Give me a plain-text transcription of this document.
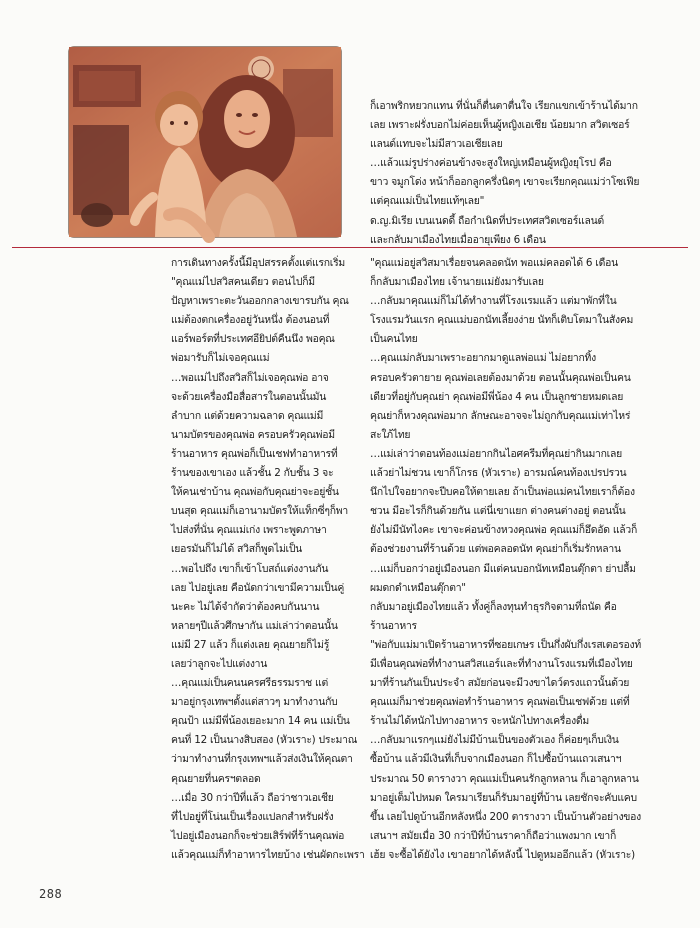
ก็เอาพริกหยวกแทน ที่นั่นก็ตื่นตาตื่นใจ เรียกแขกเข้าร้านได้มาก

เลย เพราะฝรั่งบอกไม่ค่อยเห็นผู้หญิงเอเชีย น้อยมาก สวิตเซอร์

แลนด์แทบจะไม่มีสาวเอเชียเลย

…แล้วแม่รูปร่างค่อนข้างจะสูงใหญ่เหมือนผู้หญิงยุโรป คือ

ขาว จมูกโด่ง หน้าก็ออกลูกครึ่งนิดๆ เขาจะเรียกคุณแม่ว่าโซเฟีย

แต่คุณแม่เป็นไทยแท้ๆเลย"

ด.ญ.มิเรีย เบนเนดดี้ ถือกำเนิดที่ประเทศสวิตเซอร์แลนด์

และกลับมาเมืองไทยเมื่ออายุเพียง 6 เดือน

การเดินทางครั้งนี้มีอุปสรรคตั้งแต่แรกเริ่ม

"คุณแม่ไปสวิสคนเดียว ตอนไปก็มี

ปัญหาเพราะตะวันออกกลางเขารบกัน คุณ

แม่ต้องตกเครื่องอยู่วันหนึ่ง ต้องนอนที่

แอร์พอร์ตที่ประเทศอียิปต์คืนนึง พอคุณ

พ่อมารับก็ไม่เจอคุณแม่

…พอแม่ไปถึงสวิสก็ไม่เจอคุณพ่อ อาจ

จะด้วยเครื่องมือสื่อสารในตอนนั้นมัน

ลำบาก แต่ด้วยความฉลาด คุณแม่มี

นามบัตรของคุณพ่อ ครอบครัวคุณพ่อมี

ร้านอาหาร คุณพ่อก็เป็นเชฟทำอาหารที่

ร้านของเขาเอง แล้วชั้น 2 กับชั้น 3 จะ

ให้คนเช่าบ้าน คุณพ่อกับคุณย่าจะอยู่ชั้น

บนสุด คุณแม่ก็เอานามบัตรให้แท็กซี่ๆก็พา

ไปส่งที่นั่น คุณแม่เก่ง เพราะพูดภาษา

เยอรมันก็ไม่ได้ สวิสก็พูดไม่เป็น

…พอไปถึง เขาก็เข้าโบสถ์แต่งงานกัน

เลย ไปอยู่เลย คือนัดกว่าเขามีความเป็นคู่

นะคะ ไม่ได้จำกัดว่าต้องคบกันนาน

หลายๆปีแล้วศึกษากัน แม่เล่าว่าตอนนั้น

แม่มี 27 แล้ว ก็แต่งเลย คุณยายก็ไม่รู้

เลยว่าลูกจะไปแต่งงาน

…คุณแม่เป็นคนนครศรีธรรมราช แต่

มาอยู่กรุงเทพฯตั้งแต่สาวๆ มาทำงานกับ

คุณป้า แม่มีพี่น้องเยอะมาก 14 คน แม่เป็น

คนที่ 12 เป็นนางสิบสอง (หัวเราะ) ประมาณ

ว่ามาทำงานที่กรุงเทพฯแล้วส่งเงินให้คุณตา

คุณยายที่นครฯตลอด

…เมื่อ 30 กว่าปีที่แล้ว ถือว่าชาวเอเชีย

ที่ไปอยู่ที่โน่นเป็นเรื่องแปลกสำหรับฝรั่ง

ไปอยู่เมืองนอกก็จะช่วยเสิร์ฟที่ร้านคุณพ่อ

แล้วคุณแม่ก็ทำอาหารไทยบ้าง เช่นผัดกะเพรา

"คุณแม่อยู่สวิสมาเรื่อยจนคลอดนัท พอแม่คลอดได้ 6 เดือน

ก็กลับมาเมืองไทย เจ้านายแม่ยังมารับเลย

…กลับมาคุณแม่ก็ไม่ได้ทำงานที่โรงแรมแล้ว แต่มาพักที่ใน

โรงแรมวันแรก คุณแม่บอกนัทเลี้ยงง่าย นัทก็เติบโตมาในสังคม

เป็นคนไทย

…คุณแม่กลับมาเพราะอยากมาดูแลพ่อแม่ ไม่อยากทิ้ง

ครอบครัวตายาย คุณพ่อเลยต้องมาด้วย ตอนนั้นคุณพ่อเป็นคน

เดียวที่อยู่กับคุณย่า คุณพ่อมีพี่น้อง 4 คน เป็นลูกชายหมดเลย

คุณย่าก็หวงคุณพ่อมาก ลักษณะอาจจะไม่ถูกกับคุณแม่เท่าไหร่

สะใภ้ไทย

…แม่เล่าว่าตอนท้องแม่อยากกินไอศครีมที่คุณย่ากินมากเลย

แล้วย่าไม่ชวน เขาก็โกรธ (หัวเราะ) อารมณ์คนท้องเปรปรวน

นึกไปใจอยากจะปีบคอให้ตายเลย ถ้าเป็นพ่อแม่คนไทยเราก็ต้อง

ชวน มีอะไรก็กินด้วยกัน แต่นี่เขาแยก ต่างคนต่างอยู่ ตอนนั้น

ยังไม่มีนัทไงคะ เขาจะค่อนข้างหวงคุณพ่อ คุณแม่ก็อึดอัด แล้วก็

ต้องช่วยงานที่ร้านด้วย แต่พอคลอดนัท คุณย่าก็เริ่มรักหลาน

…แม่ก็บอกว่าอยู่เมืองนอก มีแต่คนบอกนัทเหมือนตุ๊กตา ย่าปลื้ม

ผมดกดำเหมือนตุ๊กตา"

กลับมาอยู่เมืองไทยแล้ว ทั้งคู่ก็ลงทุนทำธุรกิจตามที่ถนัด คือ

ร้านอาหาร

"พ่อกับแม่มาเปิดร้านอาหารที่ซอยเกษร เป็นกึ่งผับกึ่งเรสเตอรองท์

มีเพื่อนคุณพ่อที่ทำงานสวิสแอร์และที่ทำงานโรงแรมที่เมืองไทย

มาที่ร้านกันเป็นประจำ สมัยก่อนจะมีวงขาไดว์ตรงแถวนั้นด้วย

คุณแม่ก็มาช่วยคุณพ่อทำร้านอาหาร คุณพ่อเป็นเชฟด้วย แต่ที่

ร้านไม่ได้หนักไปทางอาหาร จะหนักไปทางเครื่องดื่ม

…กลับมาแรกๆแม่ยังไม่มีบ้านเป็นของตัวเอง ก็ค่อยๆเก็บเงิน

ซื้อบ้าน แล้วมีเงินที่เก็บจากเมืองนอก ก็ไปซื้อบ้านแถวเสนาฯ

ประมาณ 50 ตารางวา คุณแม่เป็นคนรักลูกหลาน ก็เอาลูกหลาน

มาอยู่เต็มไปหมด ใครมาเรียนก็รับมาอยู่ที่บ้าน เลยชักจะคับแคบ

ขึ้น เลยไปดูบ้านอีกหลังหนึ่ง 200 ตารางวา เป็นบ้านตัวอย่างของ

เสนาฯ สมัยเมื่อ 30 กว่าปีที่บ้านราคาก็ถือว่าแพงมาก เขาก็

เฮ้ย จะซื้อได้ยังไง เขาอยากได้หลังนี้ ไปดูหมออีกแล้ว (หัวเราะ)

288
